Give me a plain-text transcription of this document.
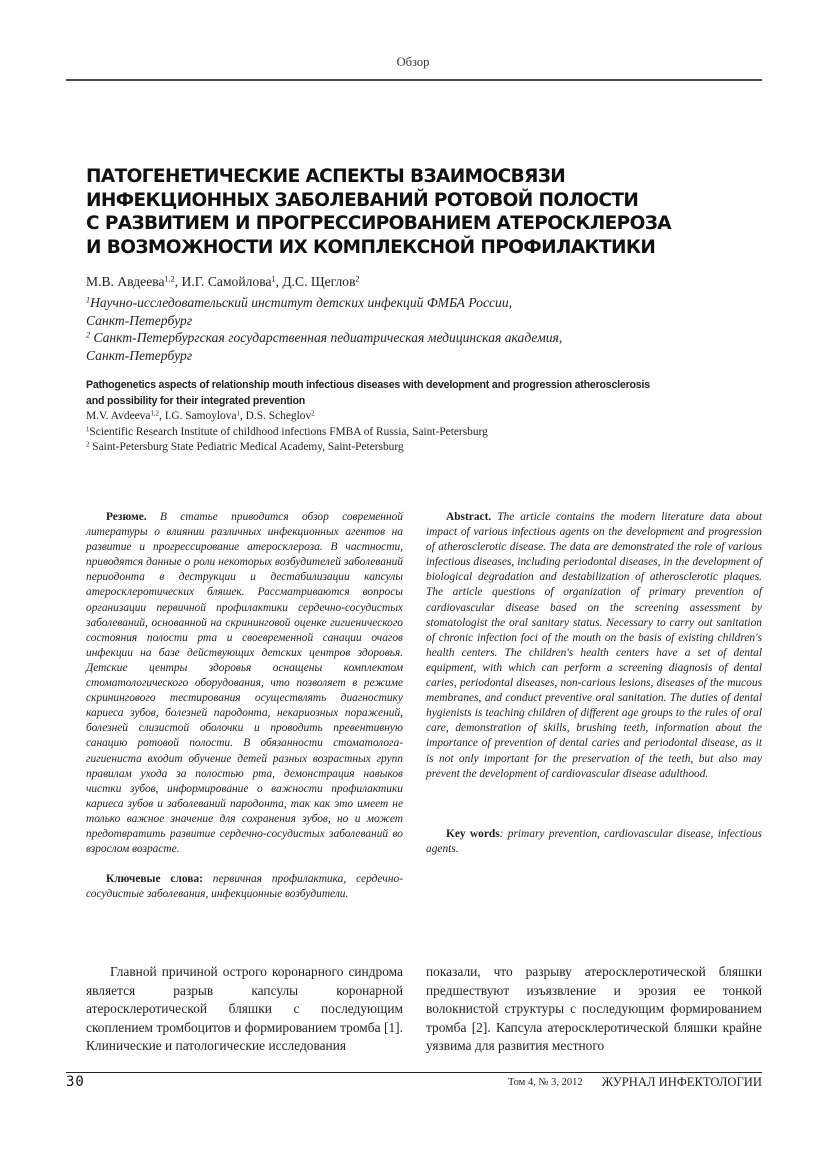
Обзор
ПАТОГЕНЕТИЧЕСКИЕ АСПЕКТЫ ВЗАИМОСВЯЗИ
ИНФЕКЦИОННЫХ ЗАБОЛЕВАНИЙ РОТОВОЙ ПОЛОСТИ
С РАЗВИТИЕМ И ПРОГРЕССИРОВАНИЕМ АТЕРОСКЛЕРОЗА
И ВОЗМОЖНОСТИ ИХ КОМПЛЕКСНОЙ ПРОФИЛАКТИКИ
М.В. Авдеева$^{1,2}$, И.Г. Самойлова$^1$, Д.С. Щеглов$^2$
$^1$Научно-исследовательский институт детских инфекций ФМБА России,
Санкт-Петербург
$^2$ Санкт-Петербургская государственная педиатрическая медицинская академия,
Санкт-Петербург
Pathogenetics aspects of relationship mouth infectious diseases with development and progression atherosclerosis
and possibility for their integrated prevention
M.V. Avdeeva$^{1,2}$, I.G. Samoylova$^1$, D.S. Scheglov$^2$
$^1$Scientific Research Institute of childhood infections FMBA of Russia, Saint-Petersburg
$^2$ Saint-Petersburg State Pediatric Medical Academy, Saint-Petersburg

Резюме. В статье приводится обзор современной литературы о влиянии различных инфекционных агентов на развитие и прогрессирование атеросклероза. В частности, приводятся данные о роли некоторых возбудителей заболеваний периодонта в деструкции и дестабилизации капсулы атеросклеротических бляшек. Рассматриваются вопросы организации первичной профилактики сердечно-сосудистых заболеваний, основанной на скрининговой оценке гигиенического состояния полости рта и своевременной санации очагов инфекции на базе действующих детских центров здоровья. Детские центры здоровья оснащены комплектом стоматологического оборудования, что позволяет в режиме скринингового тестирования осуществлять диагностику кариеса зубов, болезней пародонта, некариозных поражений, болезней слизистой оболочки и проводить превентивную санацию ротовой полости. В обязанности стоматолога-гигиениста входит обучение детей разных возрастных групп правилам ухода за полостью рта, демонстрация навыков чистки зубов, информирование о важности профилактики кариеса зубов и заболеваний пародонта, так как это имеет не только важное значение для сохранения зубов, но и может предотвратить развитие сердечно-сосудистых заболеваний во взрослом возрасте.

Ключевые слова: первичная профилактика, сердечно-сосудистые заболевания, инфекционные возбудители.

Abstract. The article contains the modern literature data about impact of various infectious agents on the development and progression of atherosclerotic disease. The data are demonstrated the role of various infectious diseases, including periodontal diseases, in the development of biological degradation and destabilization of atherosclerotic plaques. The article questions of organization of primary prevention of cardiovascular disease based on the screening assessment by stomatologist the oral sanitary status. Necessary to carry out sanitation of chronic infection foci of the mouth on the basis of existing children's health centers. The children's health centers have a set of dental equipment, with which can perform a screening diagnosis of dental caries, periodontal diseases, non-carious lesions, diseases of the mucous membranes, and conduct preventive oral sanitation. The duties of dental hygienists is teaching children of different age groups to the rules of oral care, demonstration of skills, brushing teeth, information about the importance of prevention of dental caries and periodontal disease, as it is not only important for the preservation of the teeth, but also may prevent the development of cardiovascular disease adulthood.

Key words: primary prevention, cardiovascular disease, infectious agents.

Главной причиной острого коронарного синдрома является разрыв капсулы коронарной атеросклеротической бляшки с последующим скоплением тромбоцитов и формированием тромба [1]. Клинические и патологические исследования

показали, что разрыву атеросклеротической бляшки предшествуют изъязвление и эрозия ее тонкой волокнистой структуры с последующим формированием тромба [2]. Капсула атеросклеротической бляшки крайне уязвима для развития местного

30	Том 4, № 3, 2012 ЖУРНАЛ ИНФЕКТОЛОГИИ
